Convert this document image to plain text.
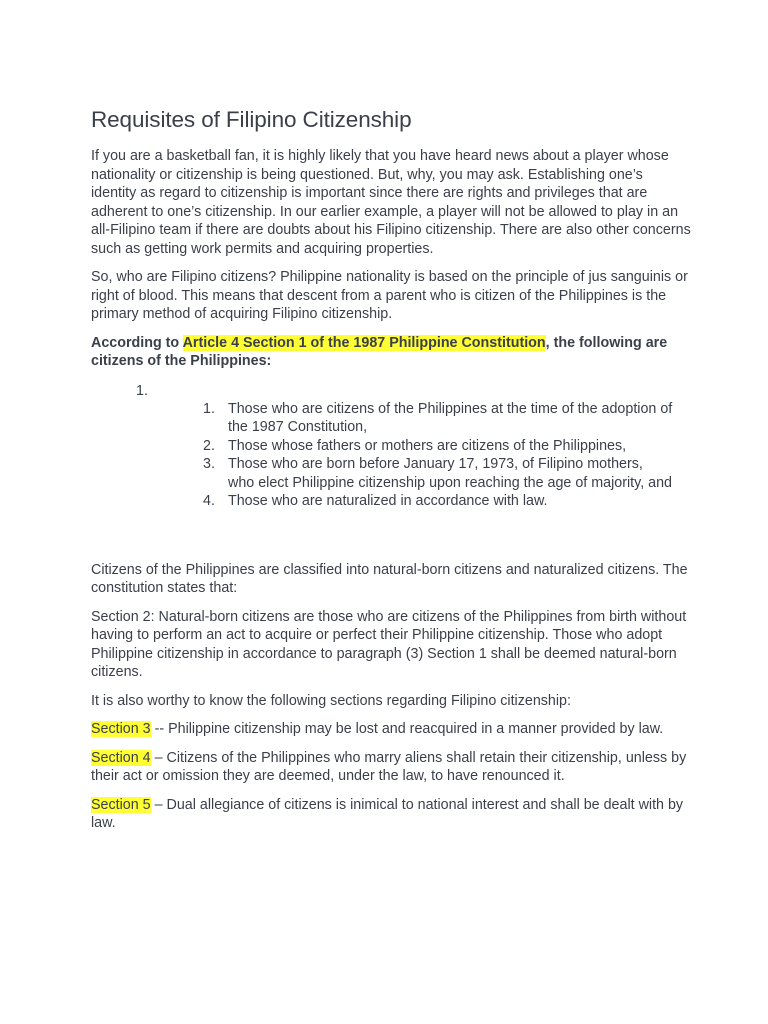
Requisites of Filipino Citizenship

If you are a basketball fan, it is highly likely that you have heard news about a player whose nationality or citizenship is being questioned. But, why, you may ask. Establishing one’s identity as regard to citizenship is important since there are rights and privileges that are adherent to one’s citizenship. In our earlier example, a player will not be allowed to play in an all-Filipino team if there are doubts about his Filipino citizenship. There are also other concerns such as getting work permits and acquiring properties.

So, who are Filipino citizens? Philippine nationality is based on the principle of jus sanguinis or right of blood. This means that descent from a parent who is citizen of the Philippines is the primary method of acquiring Filipino citizenship.

According to Article 4 Section 1 of the 1987 Philippine Constitution, the following are citizens of the Philippines:

1.
1. Those who are citizens of the Philippines at the time of the adoption of the 1987 Constitution,
2. Those whose fathers or mothers are citizens of the Philippines,
3. Those who are born before January 17, 1973, of Filipino mothers, who elect Philippine citizenship upon reaching the age of majority, and
4. Those who are naturalized in accordance with law.

Citizens of the Philippines are classified into natural-born citizens and naturalized citizens. The constitution states that:

Section 2: Natural-born citizens are those who are citizens of the Philippines from birth without having to perform an act to acquire or perfect their Philippine citizenship. Those who adopt Philippine citizenship in accordance to paragraph (3) Section 1 shall be deemed natural-born citizens.

It is also worthy to know the following sections regarding Filipino citizenship:

Section 3 -- Philippine citizenship may be lost and reacquired in a manner provided by law.

Section 4 – Citizens of the Philippines who marry aliens shall retain their citizenship, unless by their act or omission they are deemed, under the law, to have renounced it.

Section 5 – Dual allegiance of citizens is inimical to national interest and shall be dealt with by law.
